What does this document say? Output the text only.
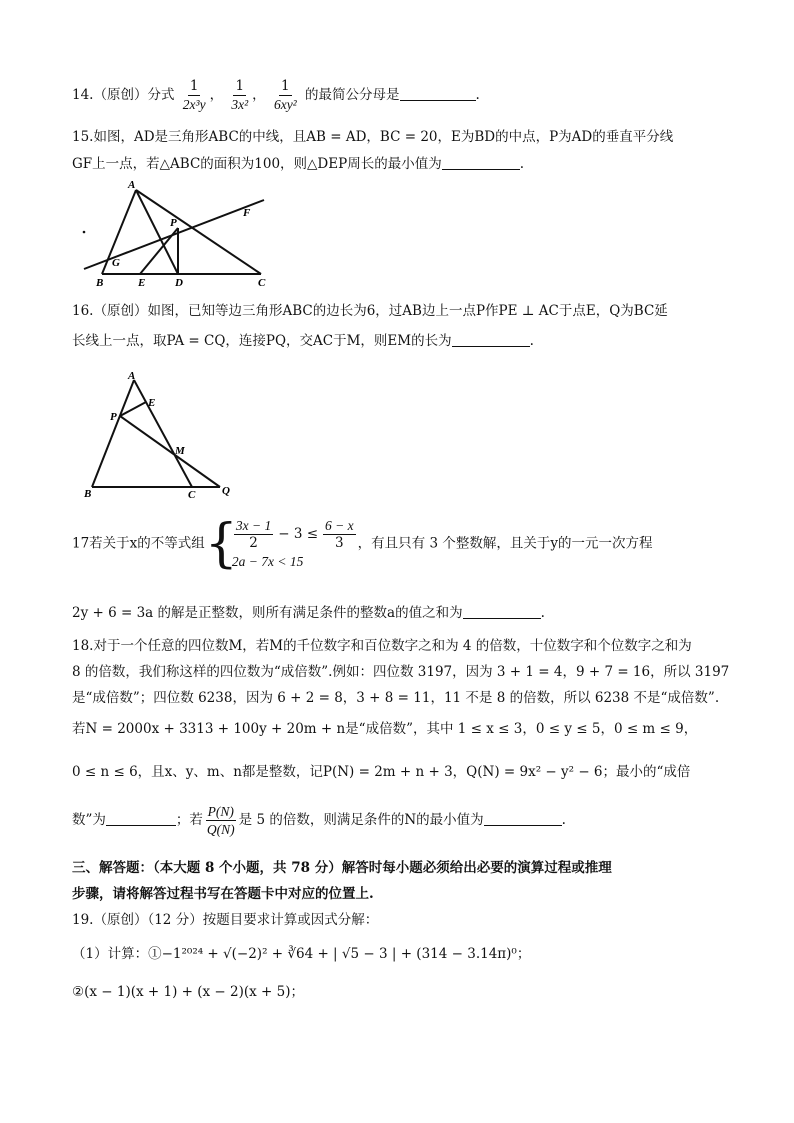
14.（原创）分式 $\frac{1}{\text{2x³y}}$ ， $\frac{1}{\text{3x²}}$ ， $\frac{1}{\text{6xy²}}$ 的最简公分母是	.
15.如图，AD是三角形ABC的中线，且AB = AD，BC = 20，E为BD的中点，P为AD的垂直平分线
GF上一点，若△ABC的面积为100，则△DEP周长的最小值为	.
A
F
P
G
B	E	D	C
16.（原创）如图，已知等边三角形ABC的边长为6，过AB边上一点P作PE ⊥ AC于点E，Q为BC延
长线上一点，取PA = CQ，连接PQ，交AC于M，则EM的长为	.
A
E
P
M
B	C Q
17若关于x的不等式组{
$\frac{3x - 1}{2} - 3 \le \frac{6 - x}{3}$
2a − 7x < 15
，有且只有 3 个整数解，且关于y的一元一次方程
2y + 6 = 3a 的解是正整数，则所有满足条件的整数a的值之和为	.
18.对于一个任意的四位数M，若M的千位数字和百位数字之和为 4 的倍数，十位数字和个位数字之和为
8 的倍数，我们称这样的四位数为“成倍数”.例如：四位数 3197，因为 3 + 1 = 4，9 + 7 = 16，所以 3197
是“成倍数”；四位数 6238，因为 6 + 2 = 8，3 + 8 = 11，11 不是 8 的倍数，所以 6238 不是“成倍数”.
若N = 2000x + 3313 + 100y + 20m + n是“成倍数”，其中 1 ≤ x ≤ 3，0 ≤ y ≤ 5，0 ≤ m ≤ 9，
0 ≤ n ≤ 6，且x、y、m、n都是整数，记P(N) = 2m + n + 3，Q(N) = 9x² − y² − 6；最小的“成倍
数”为	；若 $\frac{P(N)}{Q(N)}$ 是 5 的倍数，则满足条件的N的最小值为	.
三、解答题：（本大题 8 个小题，共 78 分）解答时每小题必须给出必要的演算过程或推理
步骤，请将解答过程书写在答题卡中对应的位置上.
19.（原创）（12 分）按题目要求计算或因式分解：
（1）计算：①−1²⁰²⁴ + √(−2)² + ∛64 + | √5 − 3 | + (314 − 3.14π)⁰；
②(x − 1)(x + 1) + (x − 2)(x + 5)；
